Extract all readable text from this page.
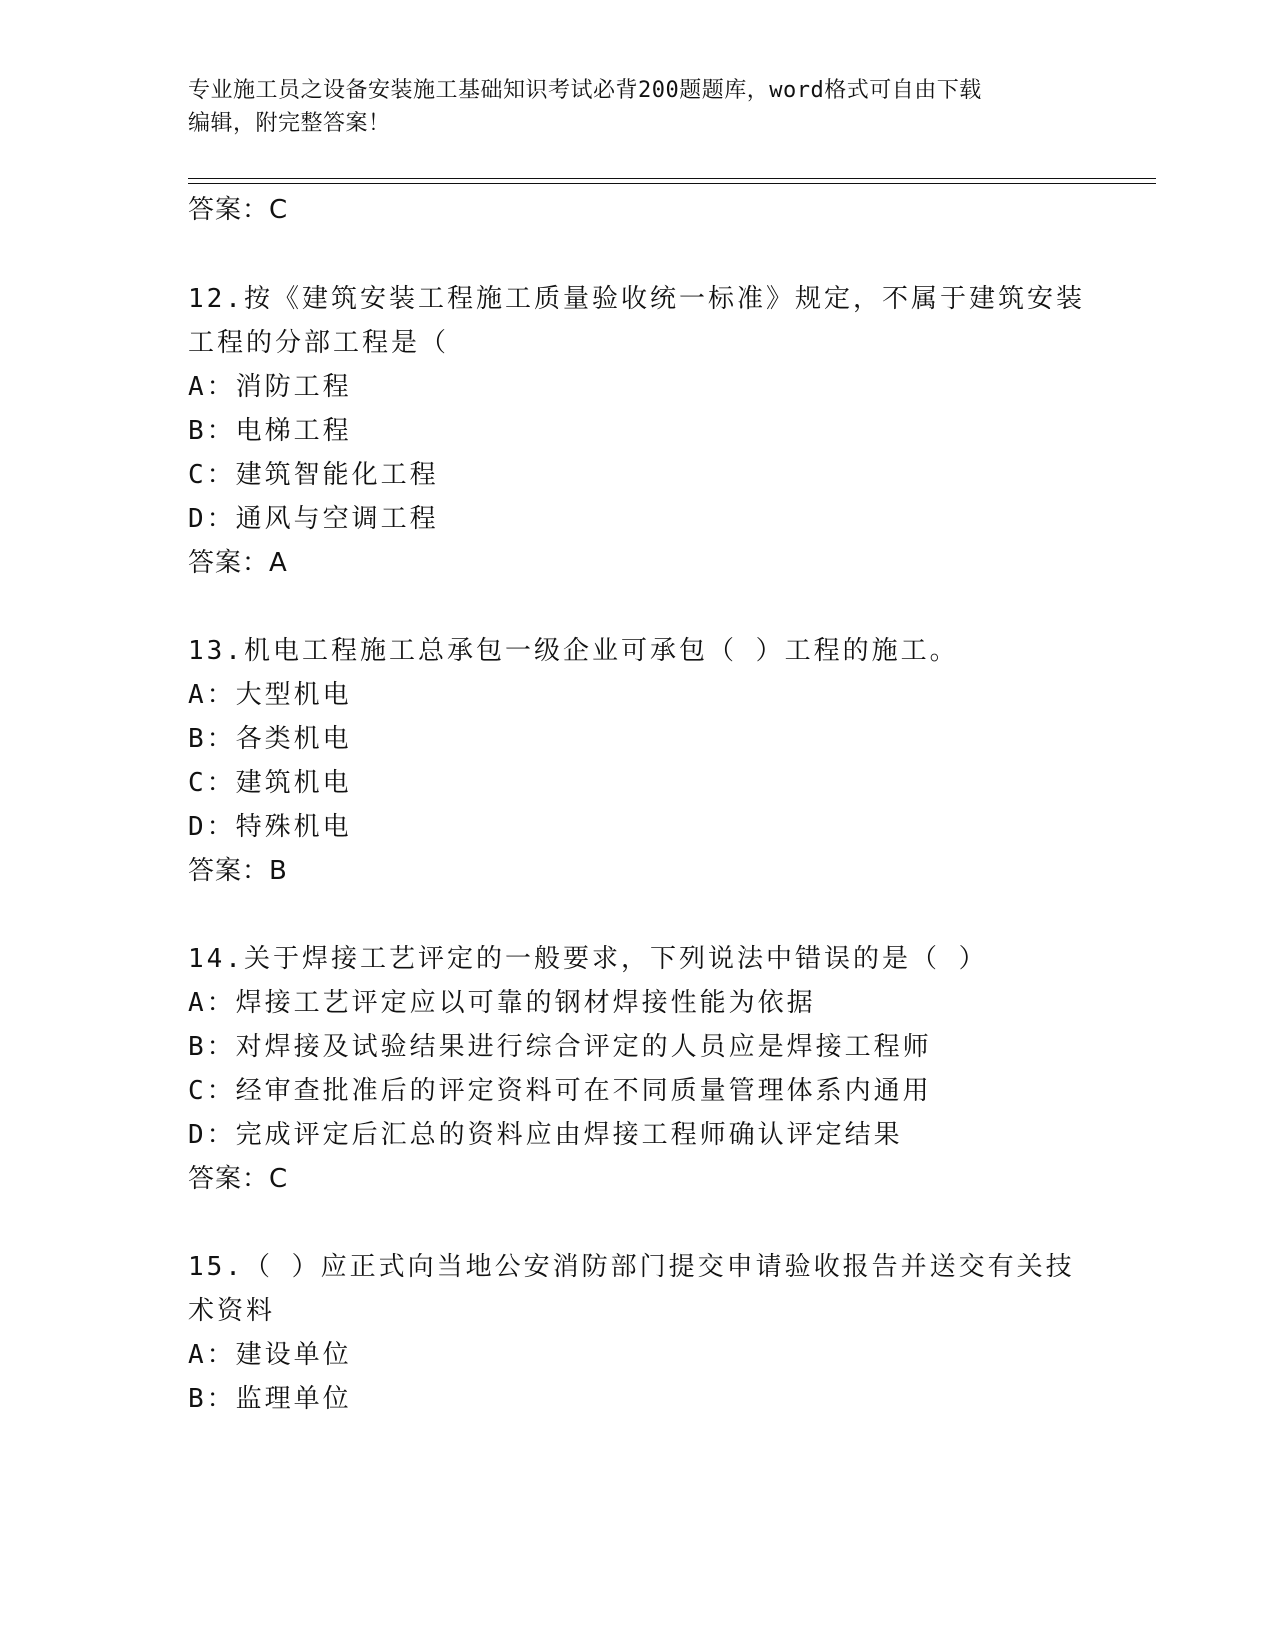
专业施工员之设备安装施工基础知识考试必背200题题库，word格式可自由下载
编辑，附完整答案！
答案：C
12.按《建筑安装工程施工质量验收统一标准》规定，不属于建筑安装
工程的分部工程是（
A：消防工程
B：电梯工程
C：建筑智能化工程
D：通风与空调工程
答案：A
13.机电工程施工总承包一级企业可承包（ ）工程的施工。
A：大型机电
B：各类机电
C：建筑机电
D：特殊机电
答案：B
14.关于焊接工艺评定的一般要求，下列说法中错误的是（ ）
A：焊接工艺评定应以可靠的钢材焊接性能为依据
B：对焊接及试验结果进行综合评定的人员应是焊接工程师
C：经审查批准后的评定资料可在不同质量管理体系内通用
D：完成评定后汇总的资料应由焊接工程师确认评定结果
答案：C
15.（ ）应正式向当地公安消防部门提交申请验收报告并送交有关技
术资料
A：建设单位
B：监理单位
